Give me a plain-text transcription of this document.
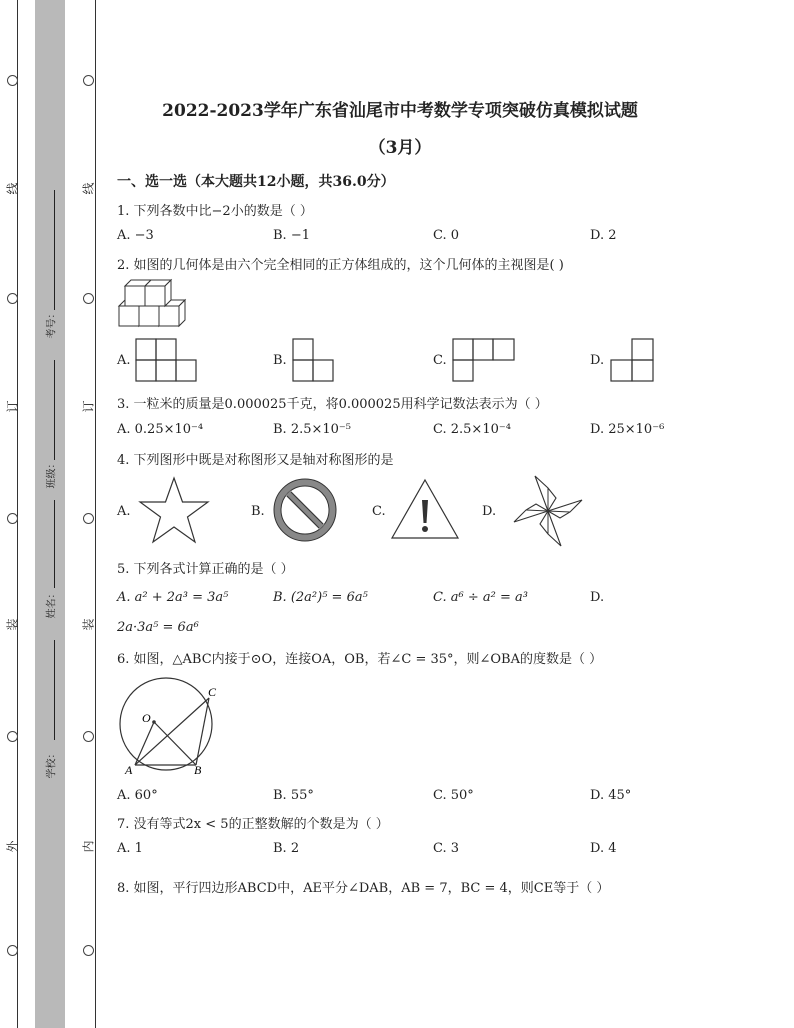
线
订
装
外
线
订
装
内
考号：
班级：
姓名：
学校：
2022-2023学年广东省汕尾市中考数学专项突破仿真模拟试题
（3月）
一、选一选（本大题共12小题，共36.0分）
1. 下列各数中比−2小的数是（ ）
A. −3	B. −1	C. 0	D. 2
2. 如图的几何体是由六个完全相同的正方体组成的，这个几何体的主视图是( )
A.	B.	C.	D.
3. 一粒米的质量是0.000025千克，将0.000025用科学记数法表示为（ ）
A. 0.25×10⁻⁴	B. 2.5×10⁻⁵	C. 2.5×10⁻⁴	D. 25×10⁻⁶
4. 下列图形中既是对称图形又是轴对称图形的是
A.	B.	C.	D.
5. 下列各式计算正确的是（ ）
A. a² + 2a³ = 3a⁵	B. (2a²)⁵ = 6a⁵	C. a⁶ ÷ a² = a³	D.
2a·3a⁵ = 6a⁶
6. 如图，△ABC内接于⊙O，连接OA，OB，若∠C = 35°，则∠OBA的度数是（ ）
O
C
A	B
A. 60°	B. 55°	C. 50°	D. 45°
7. 没有等式2x < 5的正整数解的个数是为（ ）
A. 1	B. 2	C. 3	D. 4
8. 如图，平行四边形ABCD中，AE平分∠DAB，AB = 7，BC = 4，则CE等于（ ）
